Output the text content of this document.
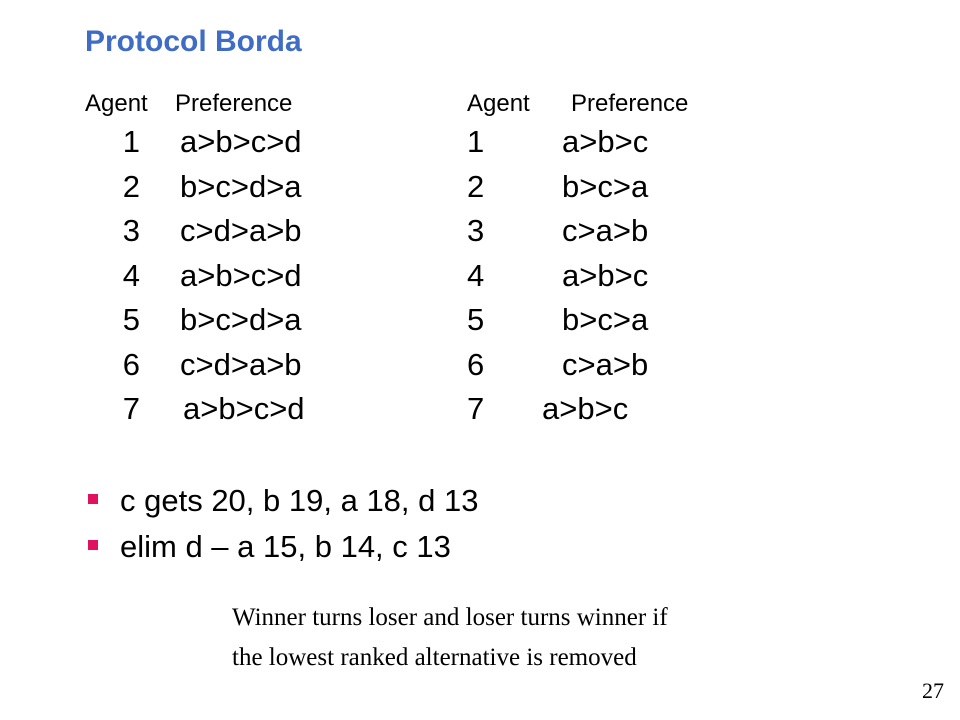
Protocol Borda
Agent Preference
1 a>b>c>d
2 b>c>d>a
3 c>d>a>b
4 a>b>c>d
5 b>c>d>a
6 c>d>a>b
7 a>b>c>d
Agent Preference
1	a>b>c
2	b>c>a
3	c>a>b
4	a>b>c
5	b>c>a
6	c>a>b
7 a>b>c
c gets 20, b 19, a 18, d 13
elim d – a 15, b 14, c 13
Winner turns loser and loser turns winner if
the lowest ranked alternative is removed
27
